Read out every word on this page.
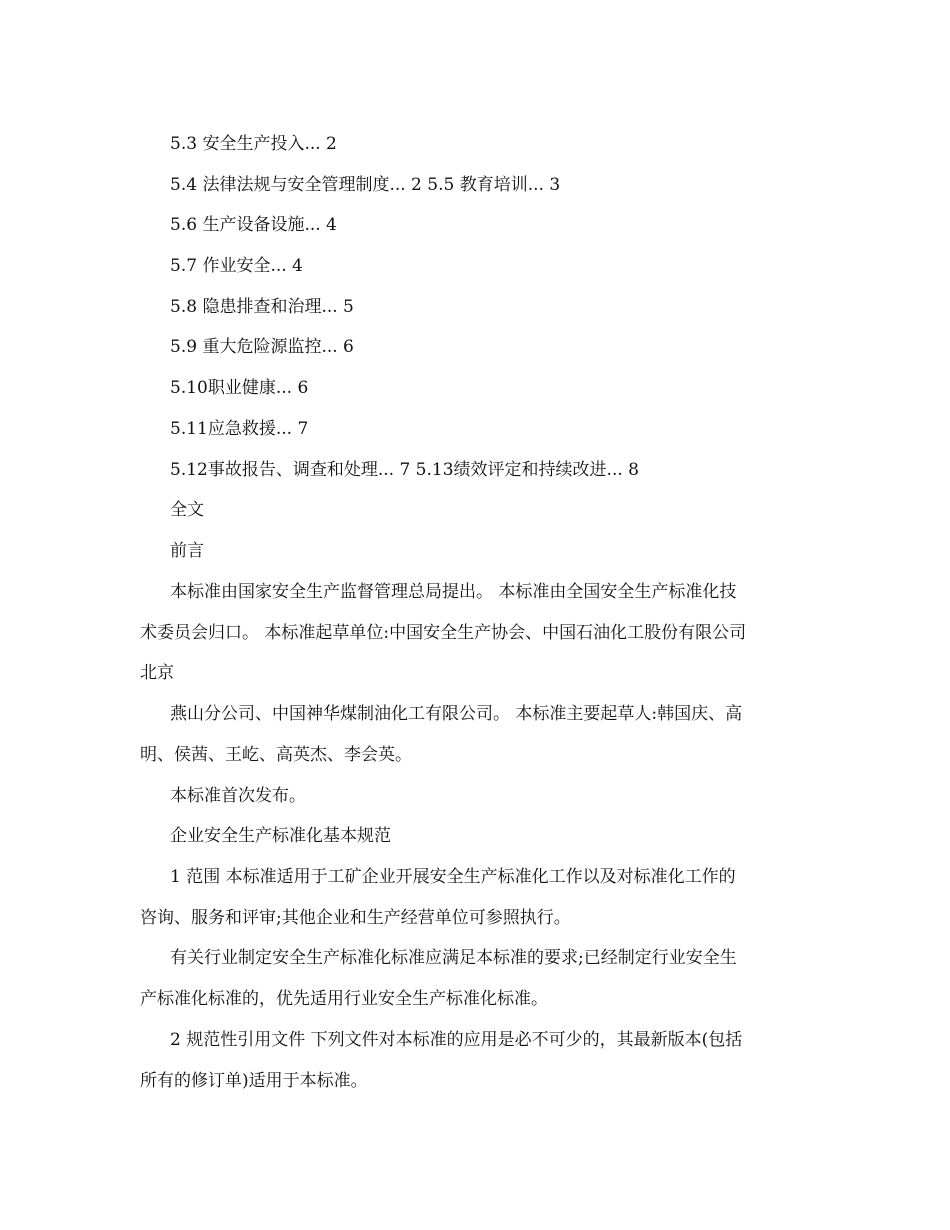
5.3 安全生产投入... 2
5.4 法律法规与安全管理制度... 2 5.5 教育培训... 3
5.6 生产设备设施... 4
5.7 作业安全... 4
5.8 隐患排查和治理... 5
5.9 重大危险源监控... 6
5.10职业健康... 6
5.11应急救援... 7
5.12事故报告、调查和处理... 7 5.13绩效评定和持续改进... 8
全文
前言
本标准由国家安全生产监督管理总局提出。 本标准由全国安全生产标准化技
术委员会归口。 本标准起草单位:中国安全生产协会、中国石油化工股份有限公司
北京
燕山分公司、中国神华煤制油化工有限公司。 本标准主要起草人:韩国庆、高
明、侯茜、王屹、高英杰、李会英。
本标准首次发布。
企业安全生产标准化基本规范
1 范围 本标准适用于工矿企业开展安全生产标准化工作以及对标准化工作的
咨询、服务和评审;其他企业和生产经营单位可参照执行。
有关行业制定安全生产标准化标准应满足本标准的要求;已经制定行业安全生
产标准化标准的，优先适用行业安全生产标准化标准。
2 规范性引用文件 下列文件对本标准的应用是必不可少的，其最新版本(包括
所有的修订单)适用于本标准。
